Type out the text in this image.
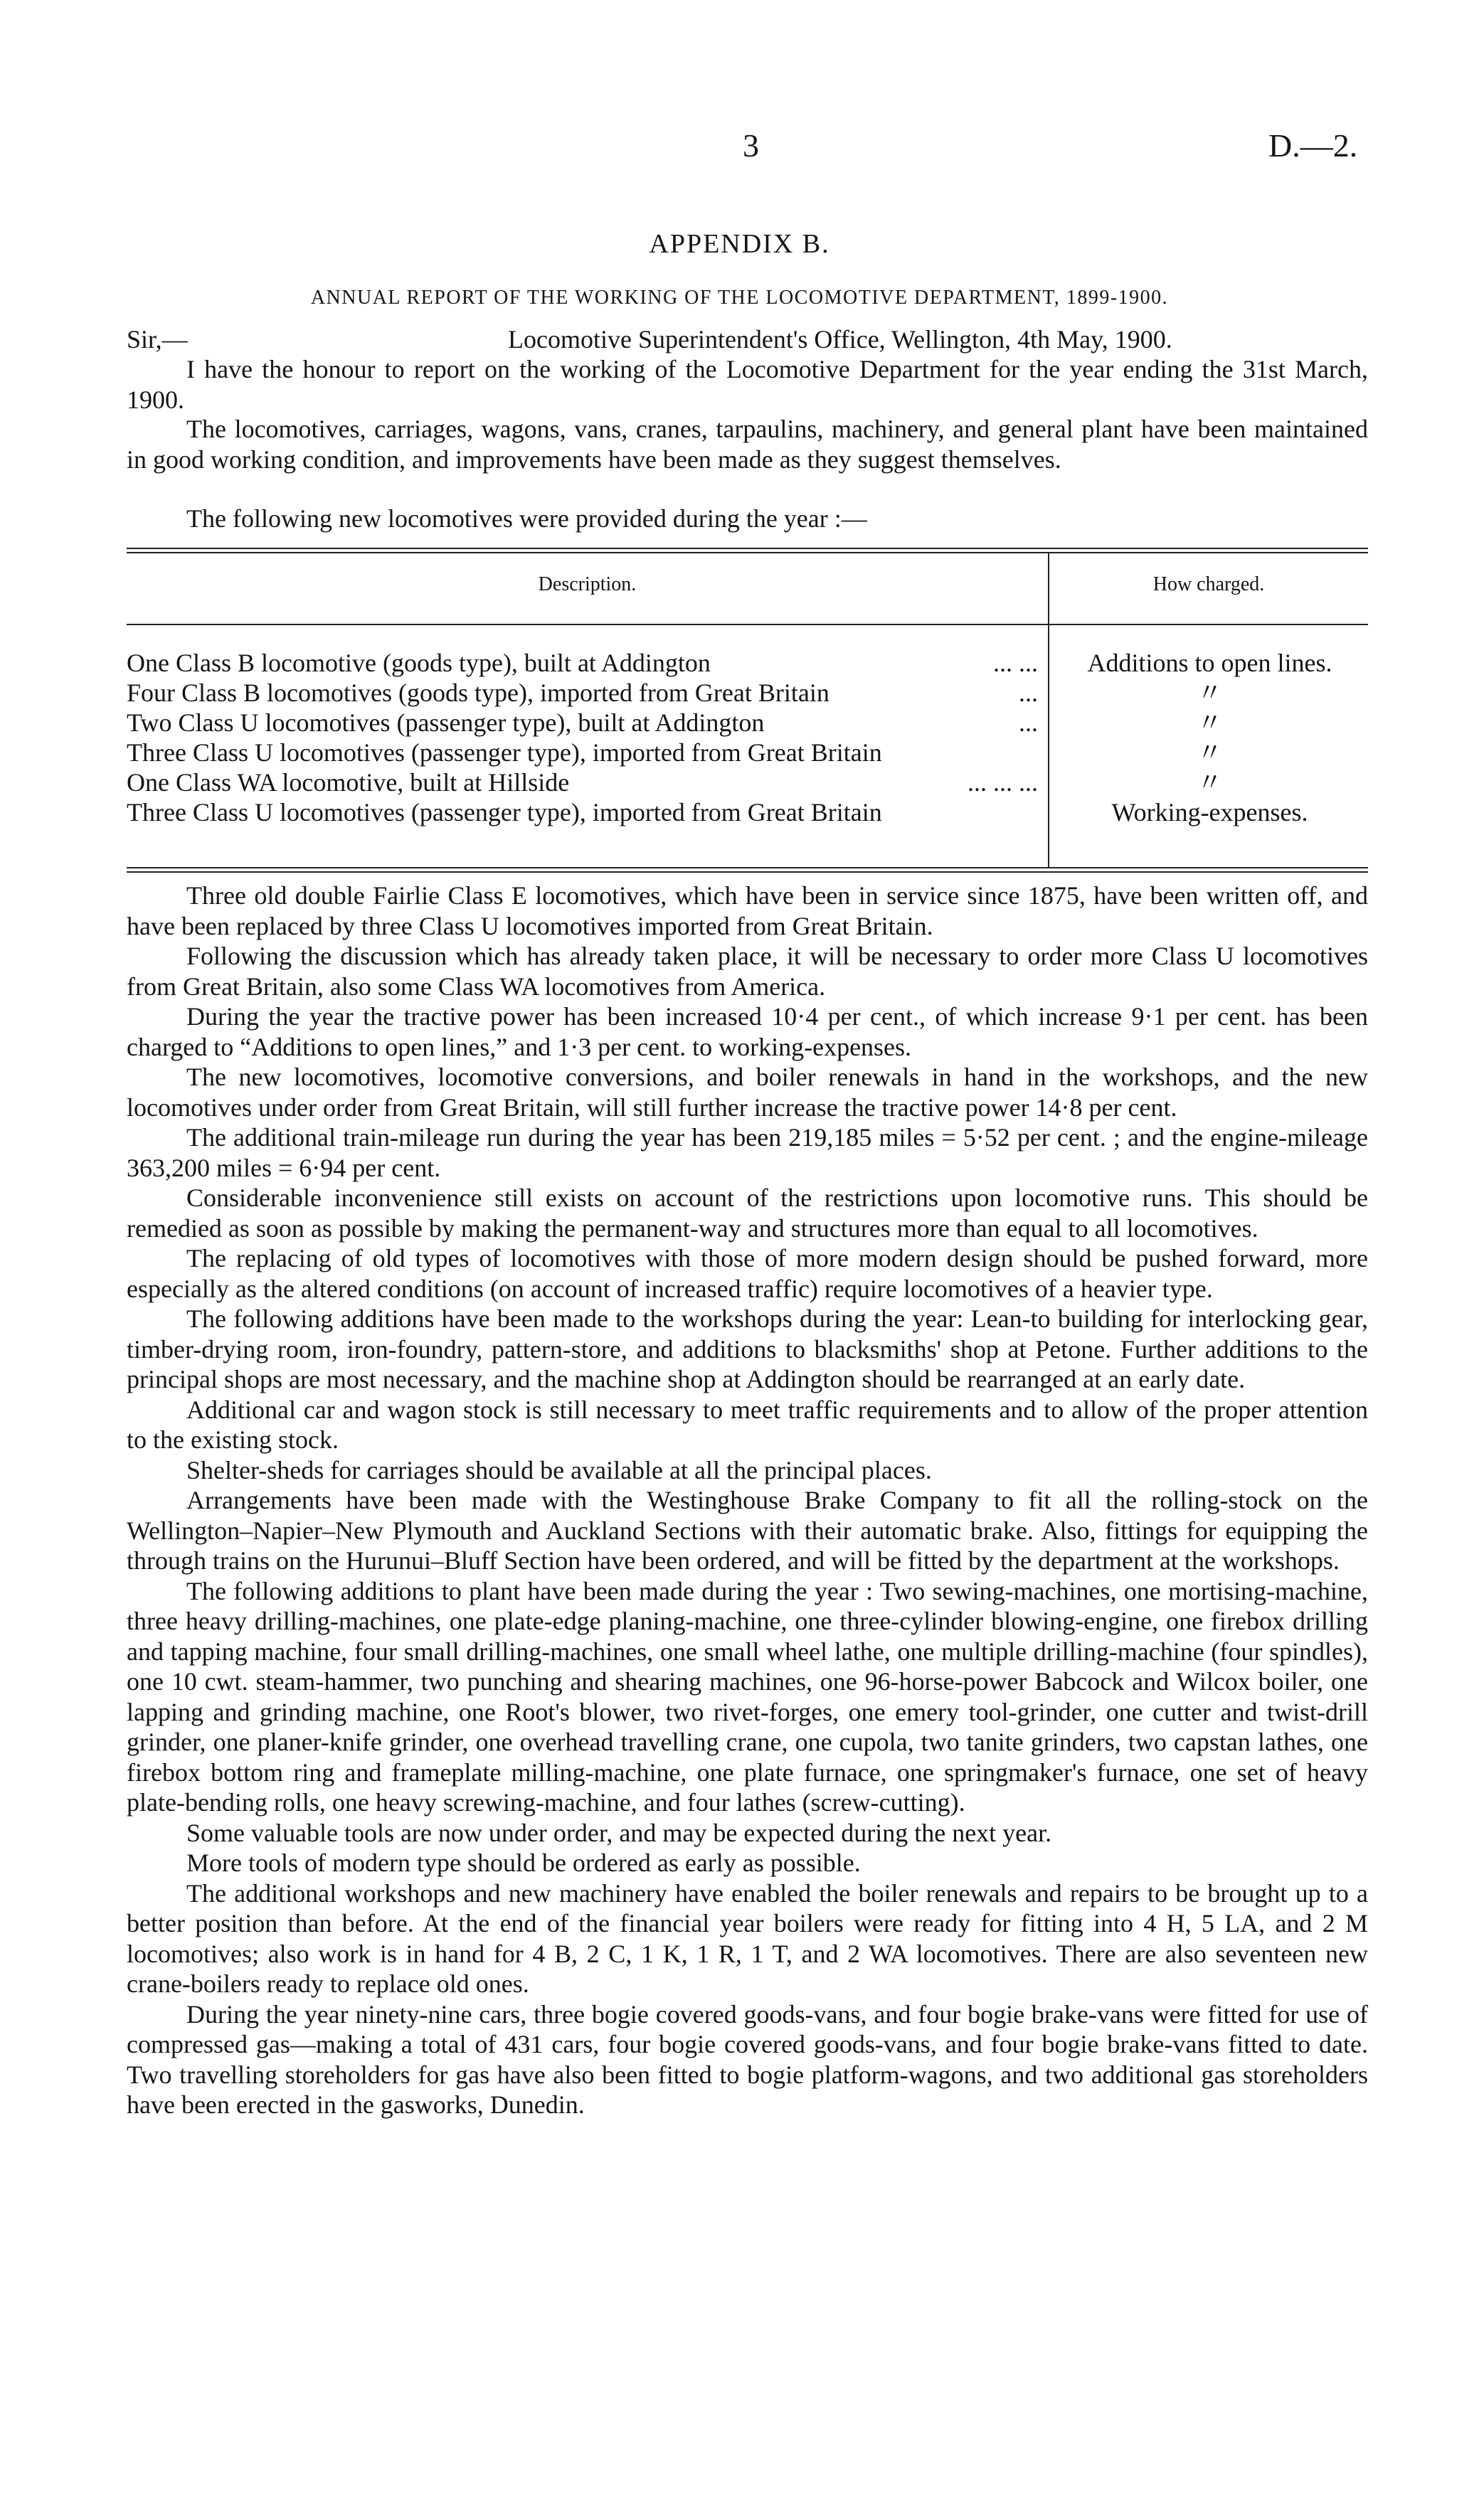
3	D.—2.
APPENDIX B.
ANNUAL REPORT OF THE WORKING OF THE LOCOMOTIVE DEPARTMENT, 1899-1900.
Sir,—	Locomotive Superintendent's Office, Wellington, 4th May, 1900.
I have the honour to report on the working of the Locomotive Department for the year ending the 31st March, 1900.
The locomotives, carriages, wagons, vans, cranes, tarpaulins, machinery, and general plant have been maintained in good working condition, and improvements have been made as they suggest themselves.
The following new locomotives were provided during the year :—
Description.	How charged.
One Class B locomotive (goods type), built at Addington	... ...	Additions to open lines.
Four Class B locomotives (goods type), imported from Great Britain	...	〃
Two Class U locomotives (passenger type), built at Addington	...	〃
Three Class U locomotives (passenger type), imported from Great Britain	〃
One Class WA locomotive, built at Hillside	... ... ...	〃
Three Class U locomotives (passenger type), imported from Great Britain	Working-expenses.

Three old double Fairlie Class E locomotives, which have been in service since 1875, have been written off, and have been replaced by three Class U locomotives imported from Great Britain.

Following the discussion which has already taken place, it will be necessary to order more Class U locomotives from Great Britain, also some Class WA locomotives from America.

During the year the tractive power has been increased 10·4 per cent., of which increase 9·1 per cent. has been charged to “Additions to open lines,” and 1·3 per cent. to working-expenses.

The new locomotives, locomotive conversions, and boiler renewals in hand in the workshops, and the new locomotives under order from Great Britain, will still further increase the tractive power 14·8 per cent.

The additional train-mileage run during the year has been 219,185 miles = 5·52 per cent. ; and the engine-mileage 363,200 miles = 6·94 per cent.

Considerable inconvenience still exists on account of the restrictions upon locomotive runs. This should be remedied as soon as possible by making the permanent-way and structures more than equal to all locomotives.

The replacing of old types of locomotives with those of more modern design should be pushed forward, more especially as the altered conditions (on account of increased traffic) require locomotives of a heavier type.

The following additions have been made to the workshops during the year: Lean-to building for interlocking gear, timber-drying room, iron-foundry, pattern-store, and additions to blacksmiths' shop at Petone. Further additions to the principal shops are most necessary, and the machine shop at Addington should be rearranged at an early date.

Additional car and wagon stock is still necessary to meet traffic requirements and to allow of the proper attention to the existing stock.

Shelter-sheds for carriages should be available at all the principal places.

Arrangements have been made with the Westinghouse Brake Company to fit all the rolling-stock on the Wellington–Napier–New Plymouth and Auckland Sections with their automatic brake. Also, fittings for equipping the through trains on the Hurunui–Bluff Section have been ordered, and will be fitted by the department at the workshops.

The following additions to plant have been made during the year : Two sewing-machines, one mortising-machine, three heavy drilling-machines, one plate-edge planing-machine, one three-cylinder blowing-engine, one firebox drilling and tapping machine, four small drilling-machines, one small wheel lathe, one multiple drilling-machine (four spindles), one 10 cwt. steam-hammer, two punching and shearing machines, one 96-horse-power Babcock and Wilcox boiler, one lapping and grinding machine, one Root's blower, two rivet-forges, one emery tool-grinder, one cutter and twist-drill grinder, one planer-knife grinder, one overhead travelling crane, one cupola, two tanite grinders, two capstan lathes, one firebox bottom ring and frameplate milling-machine, one plate furnace, one springmaker's furnace, one set of heavy plate-bending rolls, one heavy screwing-machine, and four lathes (screw-cutting).

Some valuable tools are now under order, and may be expected during the next year.

More tools of modern type should be ordered as early as possible.

The additional workshops and new machinery have enabled the boiler renewals and repairs to be brought up to a better position than before. At the end of the financial year boilers were ready for fitting into 4 H, 5 LA, and 2 M locomotives; also work is in hand for 4 B, 2 C, 1 K, 1 R, 1 T, and 2 WA locomotives. There are also seventeen new crane-boilers ready to replace old ones.

During the year ninety-nine cars, three bogie covered goods-vans, and four bogie brake-vans were fitted for use of compressed gas—making a total of 431 cars, four bogie covered goods-vans, and four bogie brake-vans fitted to date. Two travelling storeholders for gas have also been fitted to bogie platform-wagons, and two additional gas storeholders have been erected in the gasworks, Dunedin.
